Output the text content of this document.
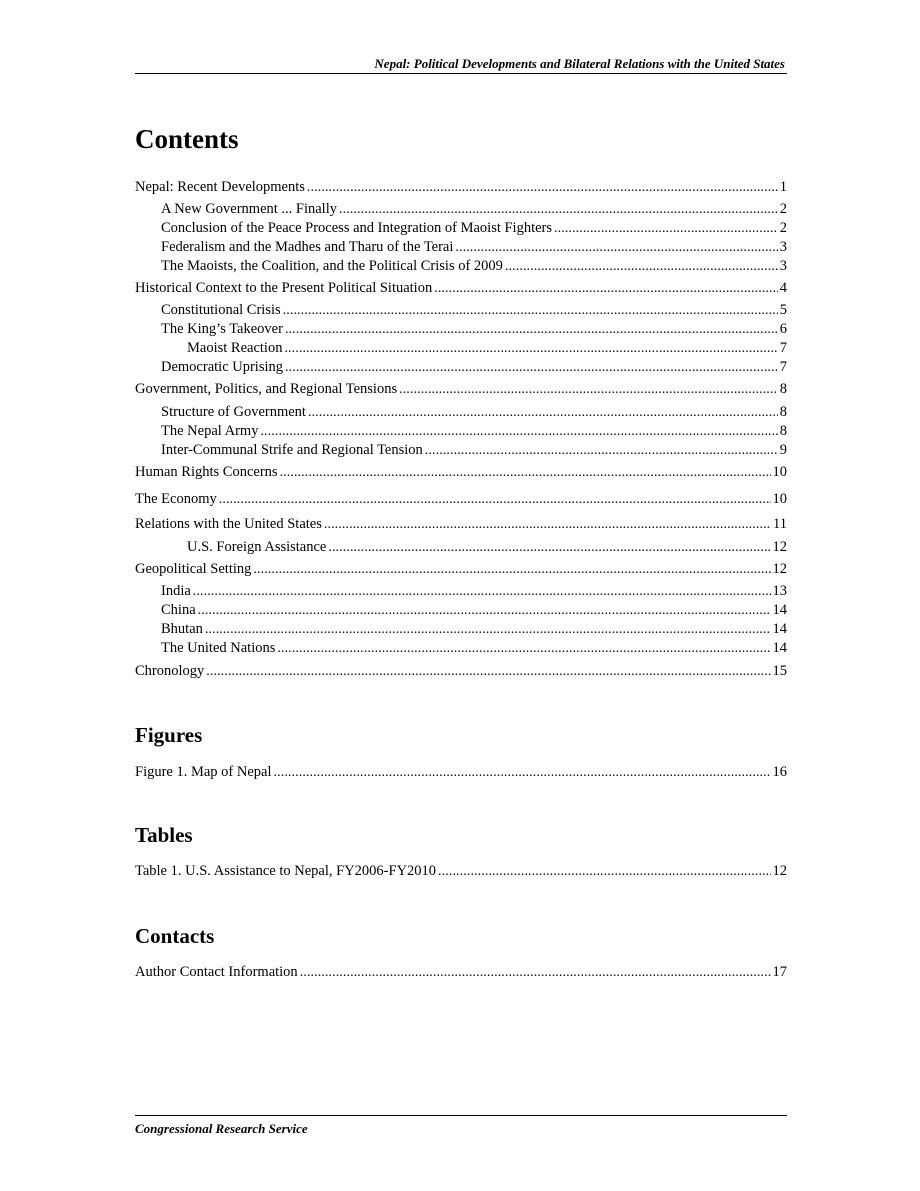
Nepal: Political Developments and Bilateral Relations with the United States
Contents
Nepal: Recent Developments . . .	1
A New Government ... Finally . . .	2
Conclusion of the Peace Process and Integration of Maoist Fighters . . .	2
Federalism and the Madhes and Tharu of the Terai . . .	3
The Maoists, the Coalition, and the Political Crisis of 2009 . . .	3
Historical Context to the Present Political Situation . . .	4
Constitutional Crisis . . .	5
The King’s Takeover . . .	6
Maoist Reaction . . .	7
Democratic Uprising . . .	7
Government, Politics, and Regional Tensions . . .	8
Structure of Government . . .	8
The Nepal Army . . .	8
Inter-Communal Strife and Regional Tension . . .	9
Human Rights Concerns . . .	10
The Economy . . .	10
Relations with the United States . . .	11
U.S. Foreign Assistance . . .	12
Geopolitical Setting . . .	12
India . . .	13
China . . .	14
Bhutan . . .	14
The United Nations . . .	14
Chronology . . .	15
Figures
Figure 1. Map of Nepal . . .	16
Tables
Table 1. U.S. Assistance to Nepal, FY2006-FY2010 . . .	12
Contacts
Author Contact Information . . .	17
Congressional Research Service
